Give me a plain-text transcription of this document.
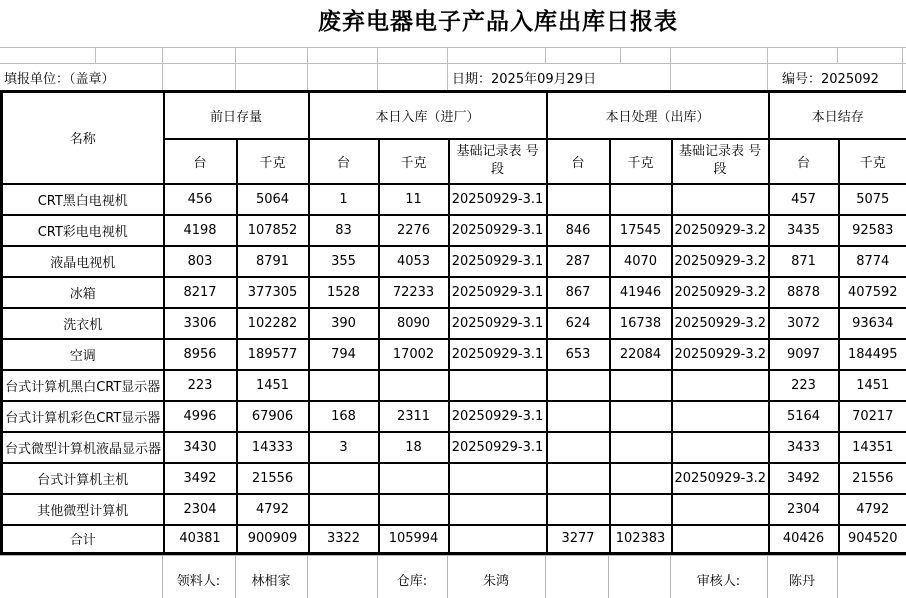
废弃电器电子产品入库出库日报表
填报单位：（盖章）	日期：2025年09月29日	编号：2025092
名称	前日存量		本日入库（进厂）			本日处理（出库）			本日结存	
	台	千克	台	千克	基础记录表 号段	台	千克	基础记录表 号段	台	千克
CRT黑白电视机	456	5064	1	11	20250929-3.1				457	5075
CRT彩电电视机	4198	107852	83	2276	20250929-3.1	846	17545	20250929-3.2	3435	92583
液晶电视机	803	8791	355	4053	20250929-3.1	287	4070	20250929-3.2	871	8774
冰箱	8217	377305	1528	72233	20250929-3.1	867	41946	20250929-3.2	8878	407592
洗衣机	3306	102282	390	8090	20250929-3.1	624	16738	20250929-3.2	3072	93634
空调	8956	189577	794	17002	20250929-3.1	653	22084	20250929-3.2	9097	184495
台式计算机黑白CRT显示器	223	1451							223	1451
台式计算机彩色CRT显示器	4996	67906	168	2311	20250929-3.1				5164	70217
台式微型计算机液晶显示器	3430	14333	3	18	20250929-3.1				3433	14351
台式计算机主机	3492	21556						20250929-3.2	3492	21556
其他微型计算机	2304	4792							2304	4792
合计	40381	900909	3322	105994		3277	102383		40426	904520
	领料人:	林相家		仓库:	朱鸿			审核人:	陈丹	
